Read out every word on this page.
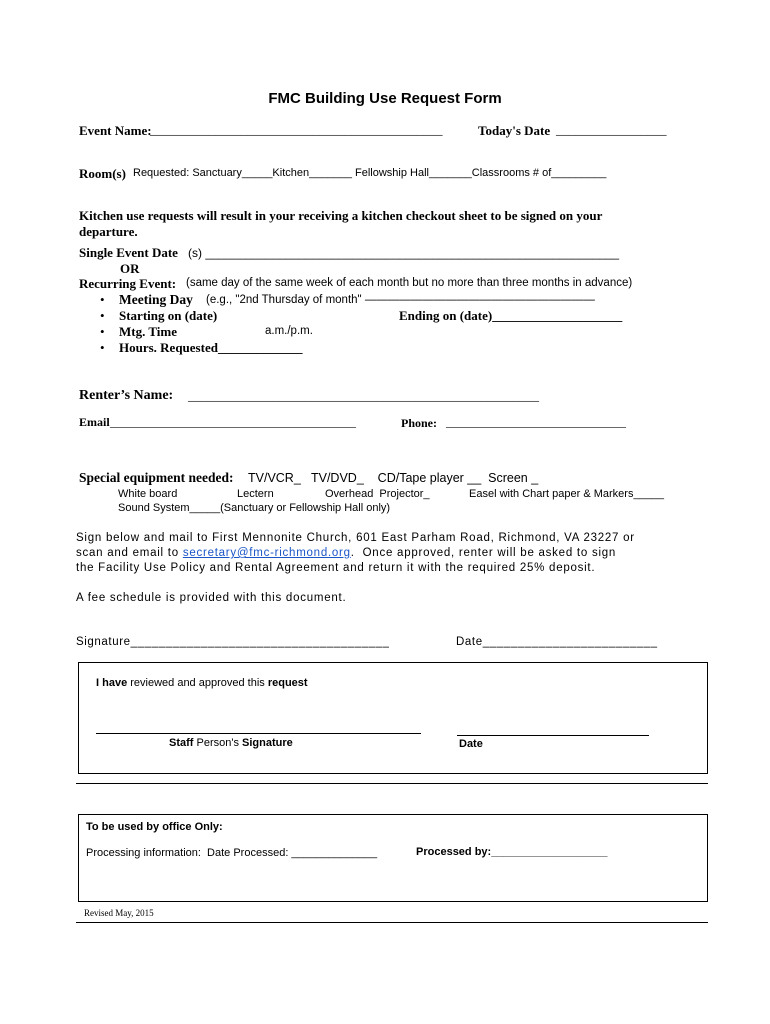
FMC Building Use Request Form
Event Name:
_____________________________________________	Today's Date _________________
Room(s) Requested: Sanctuary_____Kitchen_______ Fellowship Hall_______Classrooms # of_________
Kitchen use requests will result in your receiving a kitchen checkout sheet to be signed on your
departure.
Single Event Date (s) ______________________________________________________________
OR
Recurring Event: (same day of the same week of each month but no more than three months in advance)
• Meeting Day (e.g., "2nd Thursday of month" ————————————————————
• Starting on (date)	Ending on (date)____________________
• Mtg. Time	a.m./p.m.
• Hours. Requested_____________
Renter’s Name: ______________________________________________________
Email _________________________________________	Phone: ______________________________
Special equipment needed: TV/VCR_   TV/DVD_    CD/Tape player __  Screen _
White board	Lectern	Overhead  Projector_	Easel with Chart paper & Markers_____
Sound System_____(Sanctuary or Fellowship Hall only)
Sign below and mail to First Mennonite Church, 601 East Parham Road, Richmond, VA 23227 or
scan and email to secretary@fmc-richmond.org.  Once approved, renter will be asked to sign
the Facility Use Policy and Rental Agreement and return it with the required 25% deposit.
A fee schedule is provided with this document.
Signature_____________________________________	Date_________________________
I have reviewed and approved this request
Staff Person's Signature	Date
To be used by office Only:
Processing information:  Date Processed: ______________	Processed by:___________________
Revised May, 2015
